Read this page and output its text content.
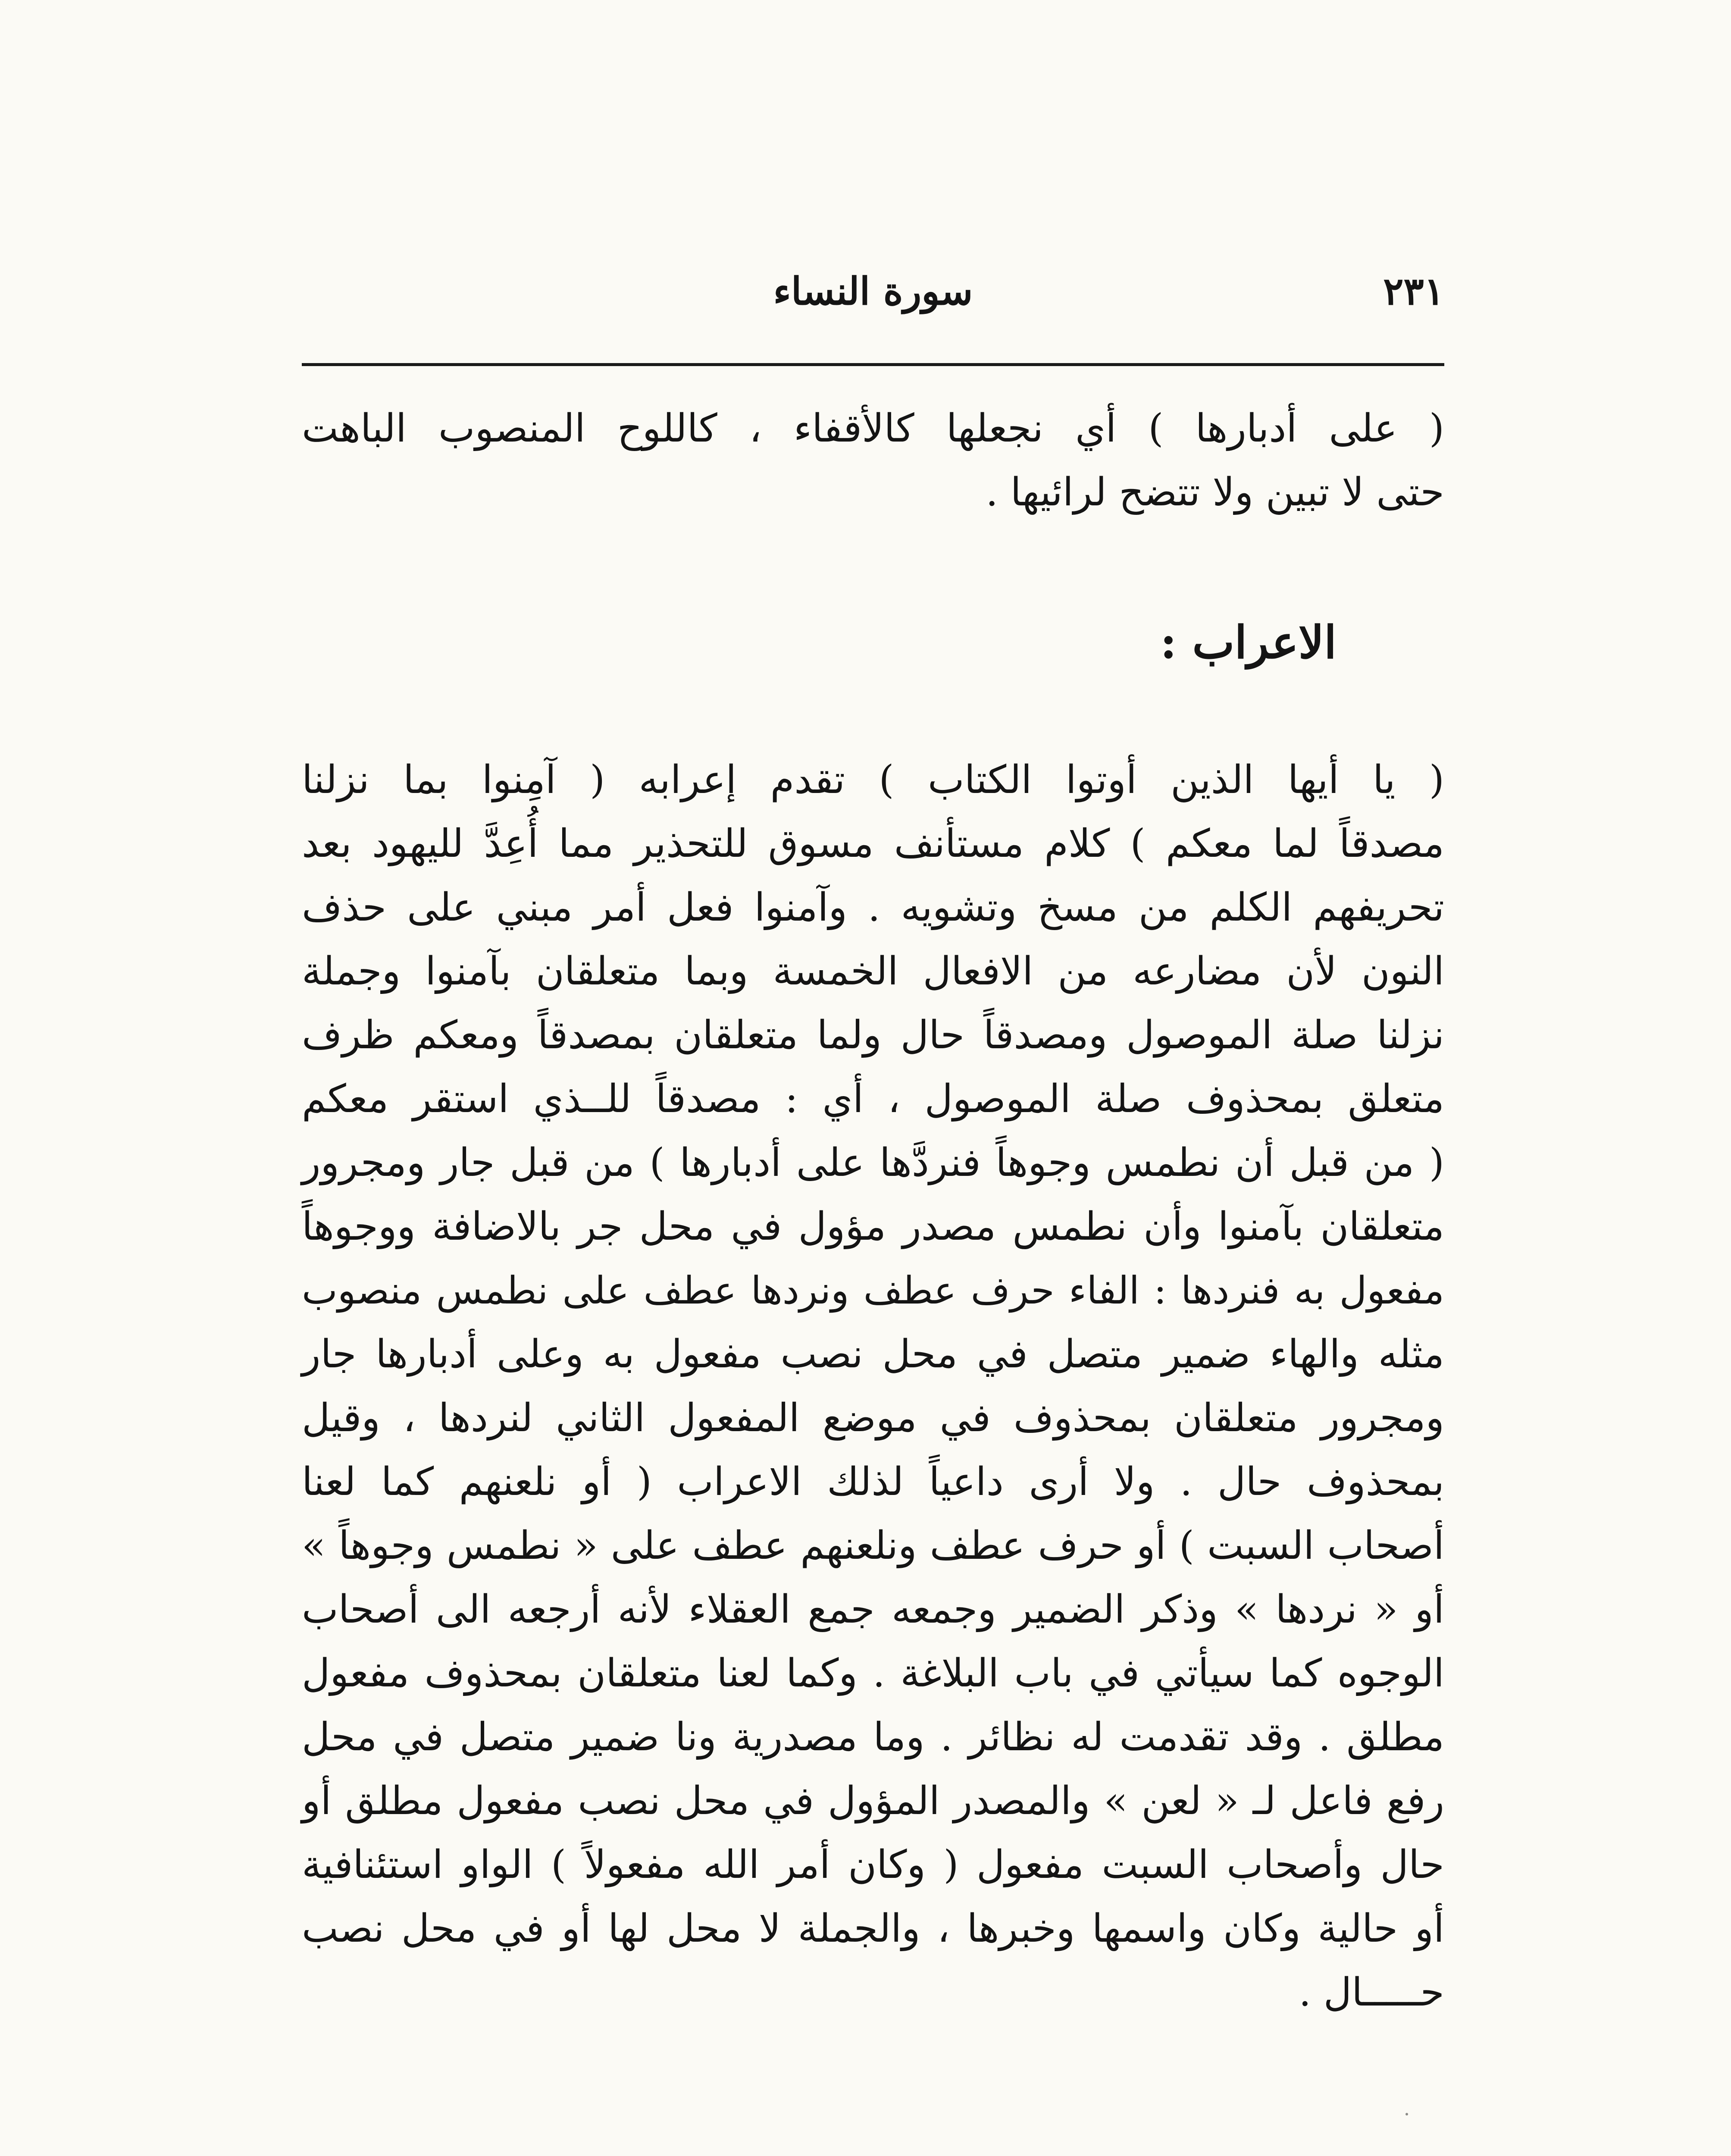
٢٣١
سورة النساء
( على أدبارها ) أي نجعلها كالأقفاء ، كاللوح المنصوب الباهت
حتى لا تبين ولا تتضح لرائيها .
الاعراب :
( يا أيها الذين أوتوا الكتاب ) تقدم إعرابه ( آمِنوا بما نزلنا
مصدقاً لما معكم ) كلام مستأنف مسوق للتحذير مما أُعِدَّ لليهود بعد
تحريفهم الكلم من مسخ وتشويه . وآمنوا فعل أمر مبني على حذف
النون لأن مضارعه من الافعال الخمسة وبما متعلقان بآمنوا وجملة
نزلنا صلة الموصول ومصدقاً حال ولما متعلقان بمصدقاً ومعكم ظرف
متعلق بمحذوف صلة الموصول ، أي : مصدقاً للــذي استقر معكم
( من قبل أن نطمس وجوهاً فنردَّها على أدبارها ) من قبل جار ومجرور
متعلقان بآمنوا وأن نطمس مصدر مؤول في محل جر بالاضافة ووجوهاً
مفعول به فنردها : الفاء حرف عطف ونردها عطف على نطمس منصوب
مثله والهاء ضمير متصل في محل نصب مفعول به وعلى أدبارها جار
ومجرور متعلقان بمحذوف في موضع المفعول الثاني لنردها ، وقيل
بمحذوف حال . ولا أرى داعياً لذلك الاعراب ( أو نلعنهم كما لعنا
أصحاب السبت ) أو حرف عطف ونلعنهم عطف على « نطمس وجوهاً »
أو « نردها » وذكر الضمير وجمعه جمع العقلاء لأنه أرجعه الى أصحاب
الوجوه كما سيأتي في باب البلاغة . وكما لعنا متعلقان بمحذوف مفعول
مطلق . وقد تقدمت له نظائر . وما مصدرية ونا ضمير متصل في محل
رفع فاعل لـ « لعن » والمصدر المؤول في محل نصب مفعول مطلق أو
حال وأصحاب السبت مفعول ( وكان أمر الله مفعولاً ) الواو استئنافية
أو حالية وكان واسمها وخبرها ، والجملة لا محل لها أو في محل نصب
حـــــال .
